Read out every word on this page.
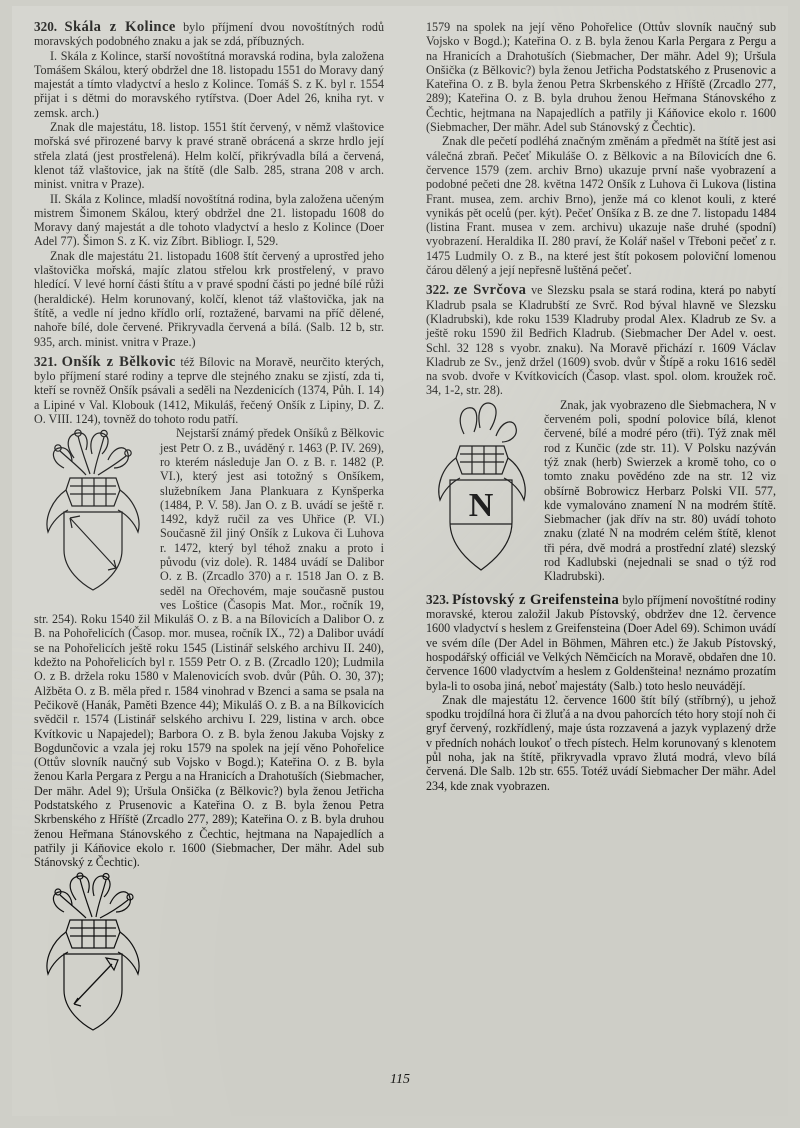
320. Skála z Kolince bylo příjmení dvou novoštítných rodů moravských podobného znaku a jak se zdá, příbuzných.

I. Skála z Kolince, starší novoštítná moravská rodina, byla založena Tomášem Skálou, který obdržel dne 18. listopadu 1551 do Moravy daný majestát a tímto vladyctví a heslo z Kolince. Tomáš S. z K. byl r. 1554 přijat i s dětmi do moravského rytířstva. (Doer Adel 26, kniha ryt. v zemsk. arch.)

Znak dle majestátu, 18. listop. 1551 štít červený, v němž vlaštovice mořská své přirozené barvy k pravé straně obrácená a skrze hrdlo její střela zlatá (jest prostřelená). Helm kolčí, přikrývadla bílá a červená, klenot táž vlaštovice, jak na štítě (dle Salb. 285, strana 208 v arch. minist. vnitra v Praze).

II. Skála z Kolince, mladší novoštítná rodina, byla založena učeným mistrem Šimonem Skálou, který obdržel dne 21. listopadu 1608 do Moravy daný majestát a dle tohoto vladyctví a heslo z Kolince (Doer Adel 77). Šimon S. z K. viz Zíbrt. Bibliogr. I, 529.

Znak dle majestátu 21. listopadu 1608 štít červený a uprostřed jeho vlaštovička mořská, majíc zlatou střelou krk prostřelený, v pravo hledící. V levé horní části štítu a v pravé spodní části po jedné bílé růži (heraldické). Helm korunovaný, kolčí, klenot táž vlaštovička, jak na štítě, a vedle ní jedno křídlo orlí, roztažené, barvami na příč dělené, nahoře bílé, dole červené. Přikryvadla červená a bílá. (Salb. 12 b, str. 935, arch. minist. vnitra v Praze.)

321. Onšík z Bělkovic též Bílovic na Moravě, neurčito kterých, bylo příjmení staré rodiny a teprve dle stejného znaku se zjistí, zda ti, kteří se rovněž Onšík psávali a seděli na Nezdenicích (1374, Půh. I. 14) a Lipiné v Val. Klobouk (1412, Mikuláš, řečený Onšík z Lipiny, D. Z. O. VIII. 124), tovněž do tohoto rodu patří.

Nejstarší známý předek Onšíků z Bělkovic jest Petr O. z B., uváděný r. 1463 (P. IV. 269), ro kterém následuje Jan O. z B. r. 1482 (P. VI.), který jest asi totožný s Onšíkem, služebníkem Jana Plankuara z Kynšperka (1484, P. V. 58). Jan O. z B. uvádí se ještě r. 1492, když ručil za ves Uhřice (P. VI.) Současně žil jiný Onšík z Lukova či Luhova r. 1472, který byl téhož znaku a proto i původu (viz dole). R. 1484 uvádí se Dalibor O. z B. (Zrcadlo 370) a r. 1518 Jan O. z B. seděl na Ořechovém, maje současně pustou ves Loštice (Časopis Mat. Mor., ročník 19, str. 254). Roku 1540 žil Mikuláš O. z B. a na Bílovicích a Dalibor O. z B. na Pohořelicích (Časop. mor. musea, ročník IX., 72) a Dalibor uvádí se na Pohořelicích ještě roku 1545 (Listinář selského archivu II. 240), kdežto na Pohořelicích byl r. 1559 Petr O. z B. (Zrcadlo 120); Ludmila O. z B. držela roku 1580 v Malenovicích svob. dvůr (Půh. O. 30, 37); Alžběta O. z B. měla před r. 1584 vinohrad v Bzenci a sama se psala na Pečikově (Hanák, Paměti Bzence 44); Mikuláš O. z B. a na Bílkovicích svědčil r. 1574 (Listinář selského archivu I. 229, listina v arch. obce Kvítkovic u Napajedel); Barbora O. z B. byla ženou Jakuba Vojsky z Bogdunčovic a vzala jej roku 1579 na spolek na její věno Pohořelice (Ottův slovník naučný sub Vojsko v Bogd.); Kateřina O. z B. byla ženou Karla Pergara z Pergu a na Hranicích a Drahotuších (Siebmacher, Der mähr. Adel 9); Uršula Onšička (z Bělkovic?) byla ženou Jetřicha Podstatského z Prusenovic a Kateřina O. z B. byla ženou Petra Skrbenského z Hříště (Zrcadlo 277, 289); Kateřina O. z B. byla druhou ženou Heřmana Stánovského z Čechtic, hejtmana na Napajedlích a patřily ji Káňovice ekolo r. 1600 (Siebmacher, Der mähr. Adel sub Stánovský z Čechtic).

1579 na spolek na její věno Pohořelice (Ottův slovník naučný sub Vojsko v Bogd.); Kateřina O. z B. byla ženou Karla Pergara z Pergu a na Hranicích a Drahotuších (Siebmacher, Der mähr. Adel 9); Uršula Onšička (z Bělkovic?) byla ženou Jetřicha Podstatského z Prusenovic a Kateřina O. z B. byla ženou Petra Skrbenského z Hříště (Zrcadlo 277, 289); Kateřina O. z B. byla druhou ženou Heřmana Stánovského z Čechtic, hejtmana na Napajedlích a patřily ji Káňovice ekolo r. 1600 (Siebmacher, Der mähr. Adel sub Stánovský z Čechtic).

Znak dle pečetí podléhá značným změnám a předmět na štítě jest asi válečná zbraň. Pečeť Mikuláše O. z Bělkovic a na Bílovicích dne 6. července 1579 (zem. archiv Brno) ukazuje první naše vyobrazení a podobné pečeti dne 28. května 1472 Onšík z Luhova či Lukova (listina Frant. musea, zem. archiv Brno), jenže má co klenot kouli, z které vynikás pět ocelů (per. kýt). Pečeť Onšíka z B. ze dne 7. listopadu 1484 (listina Frant. musea v zem. archivu) ukazuje naše druhé (spodní) vyobrazení. Heraldika II. 280 praví, že Kolář našel v Třeboni pečeť z r. 1475 Ludmily O. z B., na které jest štít pokosem poloviční lomenou čárou dělený a její nepřesně luštěná pečeť.

322. ze Svrčova ve Slezsku psala se stará rodina, která po nabytí Kladrub psala se Kladrubští ze Svrč. Rod býval hlavně ve Slezsku (Kladrubski), kde roku 1539 Kladruby prodal Alex. Kladrub ze Sv. a ještě roku 1590 žil Bedřich Kladrub. (Siebmacher Der Adel v. oest. Schl. 32 128 s vyobr. znaku). Na Moravě přichází r. 1609 Václav Kladrub ze Sv., jenž držel (1609) svob. dvůr v Štípě a roku 1616 seděl na svob. dvoře v Kvítkovicích (Časop. vlast. spol. olom. kroužek roč. 34, 1-2, str. 28).

N

Znak, jak vyobrazeno dle Siebmachera, N v červeném poli, spodní polovice bílá, klenot červené, bílé a modré péro (tři). Týž znak měl rod z Kunčic (zde str. 11). V Polsku nazýván týž znak (herb) Swierzek a kromě toho, co o tomto znaku povědéno zde na str. 12 viz obšírně Bobrowicz Herbarz Polski VII. 577, kde vymalováno znamení N na modrém štítě. Siebmacher (jak dřív na str. 80) uvádí tohoto znaku (zlaté N na modrém celém štítě, klenot tři péra, dvě modrá a prostřední zlaté) slezský rod Kadlubski (nejednali se snad o týž rod Kladrubski).

323. Pístovský z Greifensteina bylo příjmení novoštítné rodiny moravské, kterou založil Jakub Pístovský, obdržev dne 12. července 1600 vladyctví s heslem z Greifensteina (Doer Adel 69). Schimon uvádí ve svém díle (Der Adel in Böhmen, Mähren etc.) že Jakub Pístovský, hospodářský officiál ve Velkých Němčicích na Moravě, obdařen dne 10. července 1600 vladyctvím a heslem z Goldenšteina! neznámo prozatím byla-li to osoba jiná, neboť majestáty (Salb.) toto heslo neuvádějí.

Znak dle majestátu 12. července 1600 štít bílý (stříbrný), u jehož spodku trojdílná hora či žluťá a na dvou pahorcích této hory stojí noh či gryf červený, rozkřídlený, maje ústa rozzavená a jazyk vyplazený drže v předních nohách loukoť o třech pístech. Helm korunovaný s klenotem půl noha, jak na štítě, přikryvadla vpravo žlutá modrá, vlevo bílá červená. Dle Salb. 12b str. 655. Totéž uvádí Siebmacher Der mähr. Adel 234, kde znak vyobrazen.

115
